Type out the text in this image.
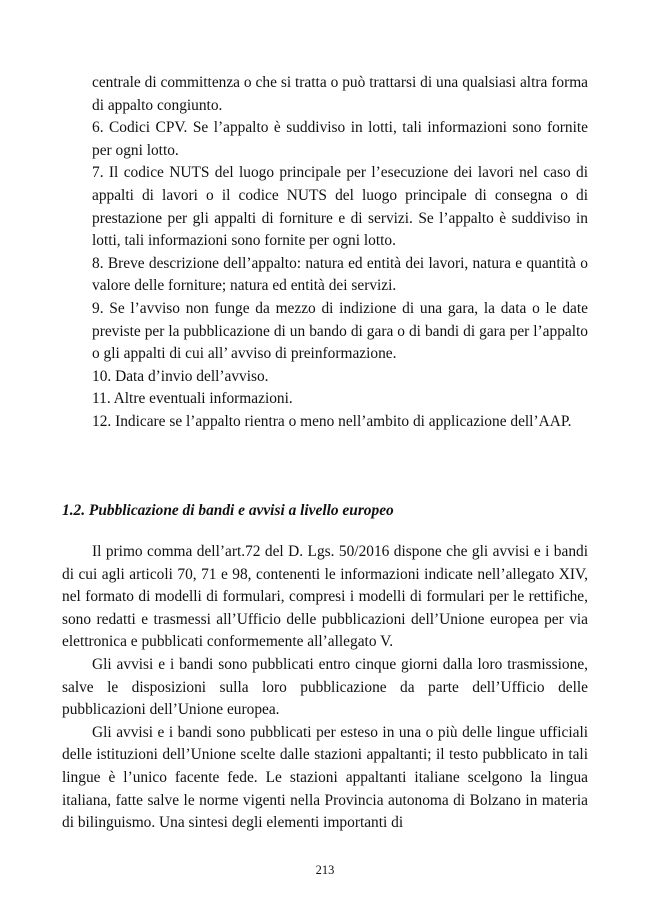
centrale di committenza o che si tratta o può trattarsi di una qualsiasi altra forma di appalto congiunto.

6. Codici CPV. Se l’appalto è suddiviso in lotti, tali informazioni sono fornite per ogni lotto.

7. Il codice NUTS del luogo principale per l’esecuzione dei lavori nel caso di appalti di lavori o il codice NUTS del luogo principale di consegna o di prestazione per gli appalti di forniture e di servizi. Se l’appalto è suddiviso in lotti, tali informazioni sono fornite per ogni lotto.

8. Breve descrizione dell’appalto: natura ed entità dei lavori, natura e quantità o valore delle forniture; natura ed entità dei servizi.

9. Se l’avviso non funge da mezzo di indizione di una gara, la data o le date previste per la pubblicazione di un bando di gara o di bandi di gara per l’appalto o gli appalti di cui all’ avviso di preinformazione.

10. Data d’invio dell’avviso.

11. Altre eventuali informazioni.

12. Indicare se l’appalto rientra o meno nell’ambito di applicazione dell’AAP.

1.2. Pubblicazione di bandi e avvisi a livello europeo

Il primo comma dell’art.72 del D. Lgs. 50/2016 dispone che gli avvisi e i bandi di cui agli articoli 70, 71 e 98, contenenti le informazioni indicate nell’allegato XIV, nel formato di modelli di formulari, compresi i modelli di formulari per le rettifiche, sono redatti e trasmessi all’Ufficio delle pubblicazioni dell’Unione europea per via elettronica e pubblicati conformemente all’allegato V.

Gli avvisi e i bandi sono pubblicati entro cinque giorni dalla loro trasmissione, salve le disposizioni sulla loro pubblicazione da parte dell’Ufficio delle pubblicazioni dell’Unione europea.

Gli avvisi e i bandi sono pubblicati per esteso in una o più delle lingue ufficiali delle istituzioni dell’Unione scelte dalle stazioni appaltanti; il testo pubblicato in tali lingue è l’unico facente fede. Le stazioni appaltanti italiane scelgono la lingua italiana, fatte salve le norme vigenti nella Provincia autonoma di Bolzano in materia di bilinguismo. Una sintesi degli elementi importanti di

213
